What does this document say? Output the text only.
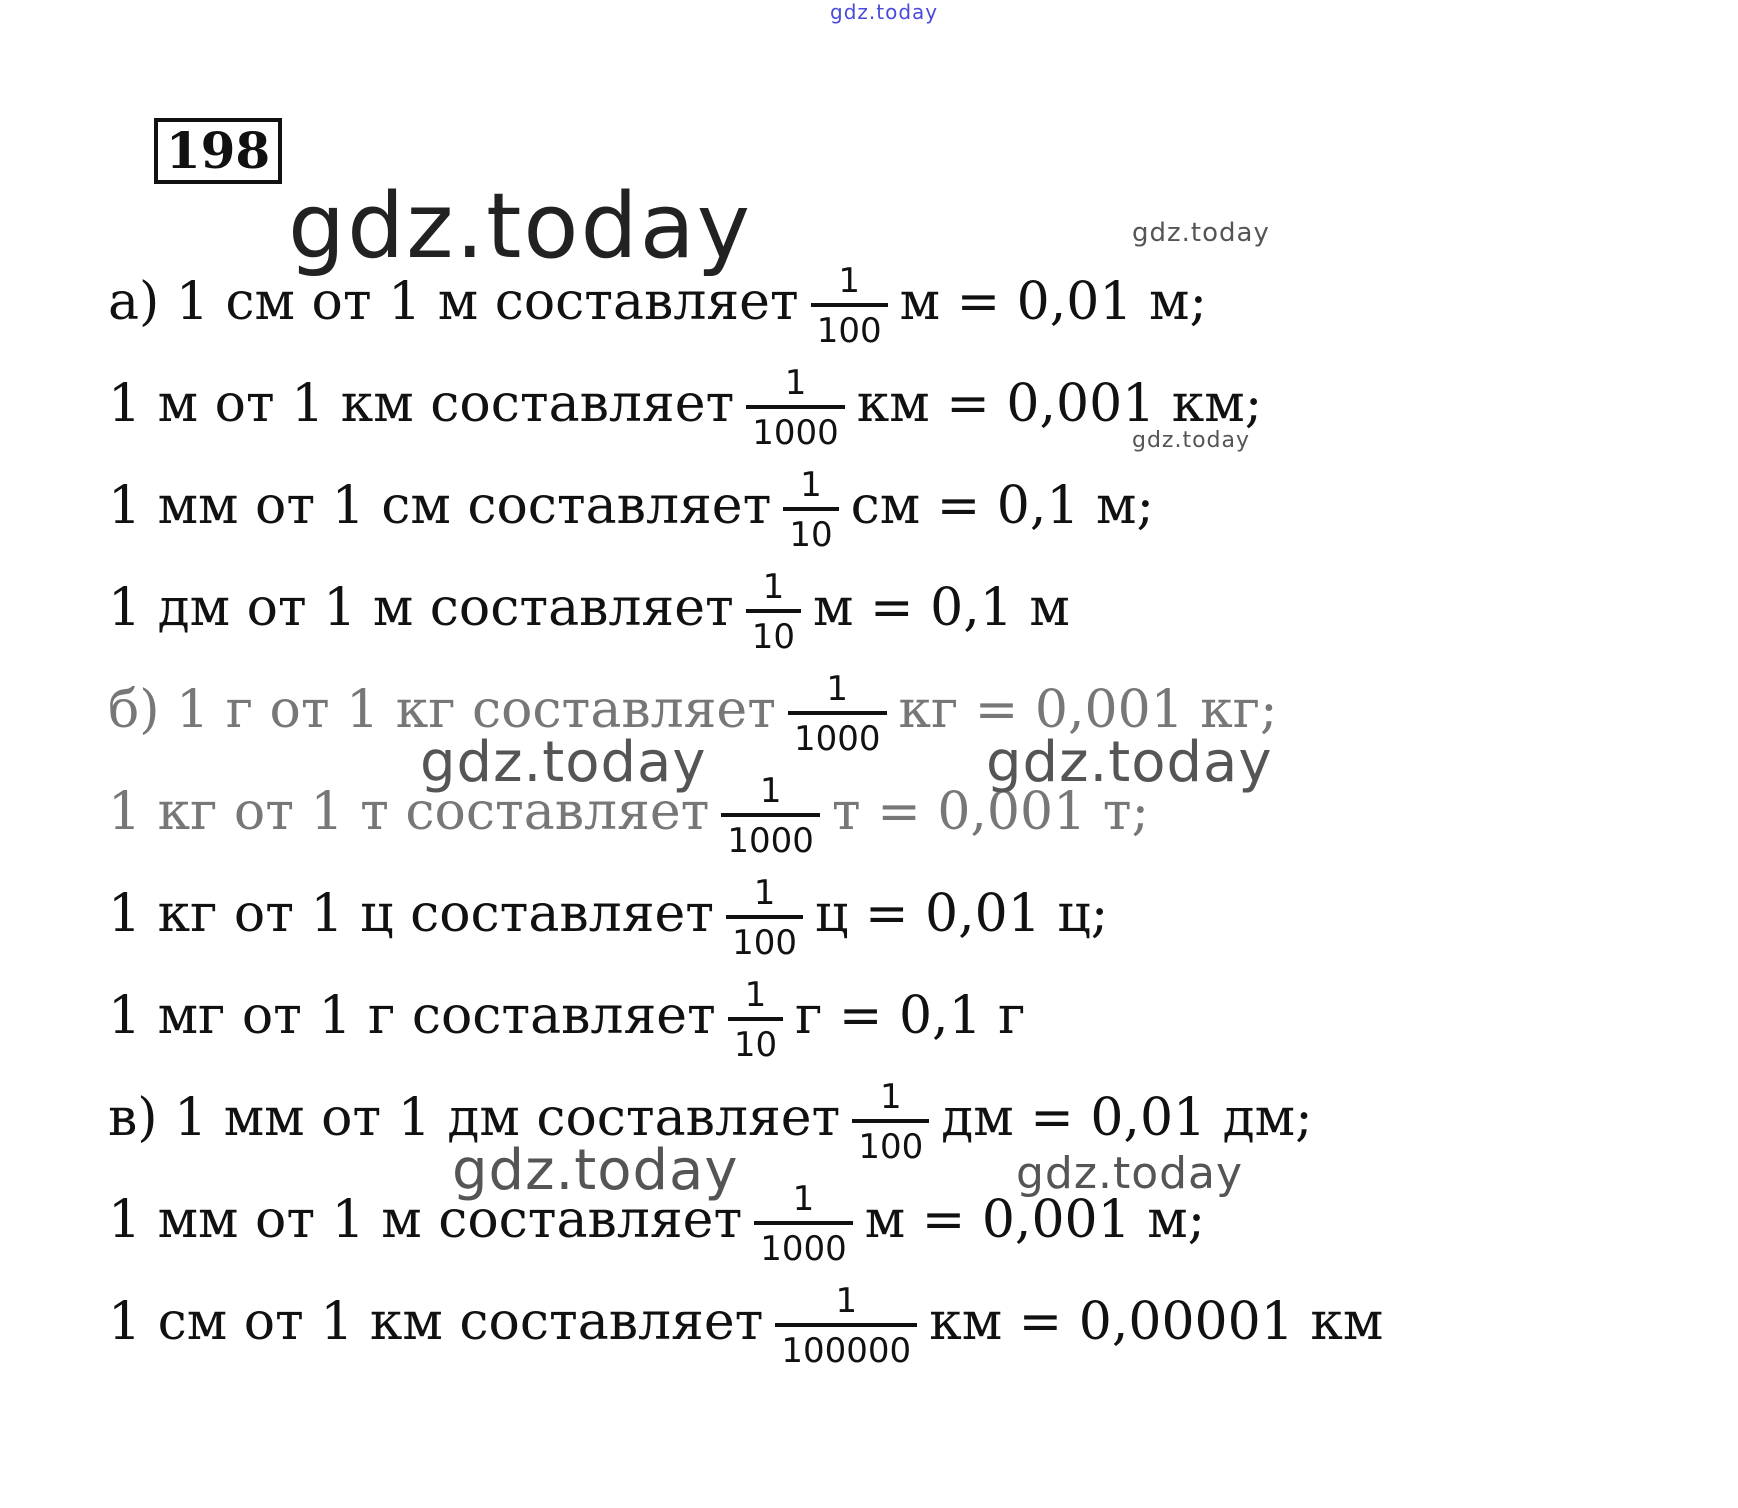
gdz.today
gdz.today	gdz.today
gdz.today
198
а) 1 см от 1 м составляет $\frac{1}{100}$ м = 0,01 м;
1 м от 1 км составляет $\frac{1}{1000}$ км = 0,001 км;
1 мм от 1 см составляет $\frac{1}{10}$ см = 0,1 м;
1 дм от 1 м составляет $\frac{1}{10}$ м = 0,1 м
б) 1 г от 1 кг составляет $\frac{1}{1000}$ кг = 0,001 кг;
1 кг от 1 т составляет $\frac{1}{1000}$ т = 0,001 т;
1 кг от 1 ц составляет $\frac{1}{100}$ ц = 0,01 ц;
1 мг от 1 г составляет $\frac{1}{10}$ г = 0,1 г
в) 1 мм от 1 дм составляет $\frac{1}{100}$ дм = 0,01 дм;
1 мм от 1 м составляет $\frac{1}{1000}$ м = 0,001 м;
1 см от 1 км составляет $\frac{1}{100000}$ км = 0,00001 км
gdz.today	gdz.today
gdz.today	gdz.today
